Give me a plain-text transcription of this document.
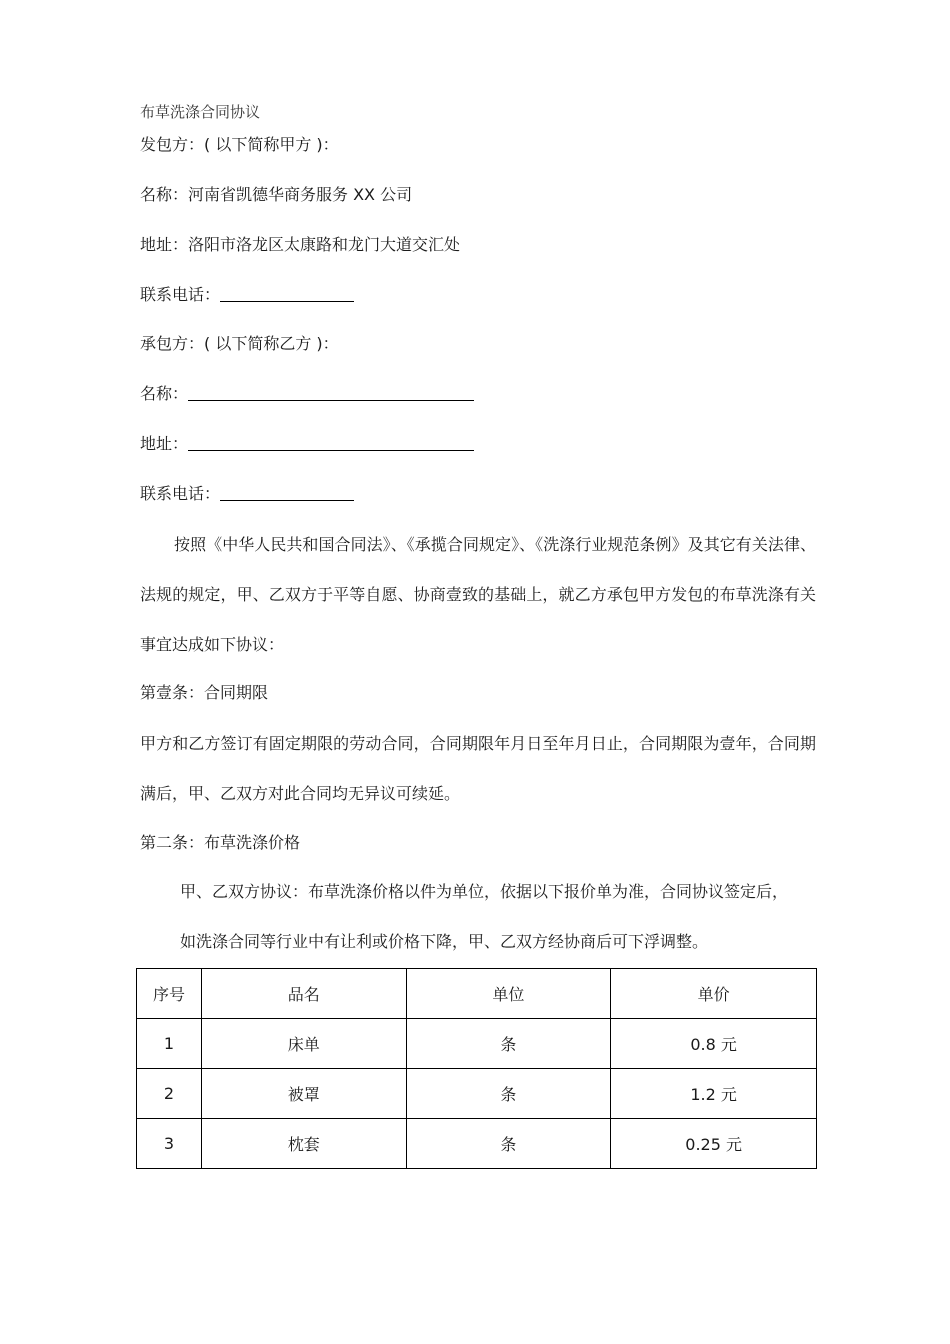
布草洗涤合同协议
发包方：( 以下简称甲方 )：
名称：河南省凯德华商务服务 XX 公司
地址：洛阳市洛龙区太康路和龙门大道交汇处
联系电话：
承包方：( 以下简称乙方 )：
名称：
地址：
联系电话：
按照《中华人民共和国合同法》、《承揽合同规定》、《洗涤行业规范条例》及其它有关法律、法规的规定，甲、乙双方于平等自愿、协商壹致的基础上，就乙方承包甲方发包的布草洗涤有关事宜达成如下协议：
第壹条：合同期限
甲方和乙方签订有固定期限的劳动合同，合同期限年月日至年月日止，合同期限为壹年，合同期满后，甲、乙双方对此合同均无异议可续延。
第二条：布草洗涤价格
甲、乙双方协议：布草洗涤价格以件为单位，依据以下报价单为准，合同协议签定后，
如洗涤合同等行业中有让利或价格下降，甲、乙双方经协商后可下浮调整。
序号	品名	单位	单价
1	床单	条	0.8 元
2	被罩	条	1.2 元
3	枕套	条	0.25 元
